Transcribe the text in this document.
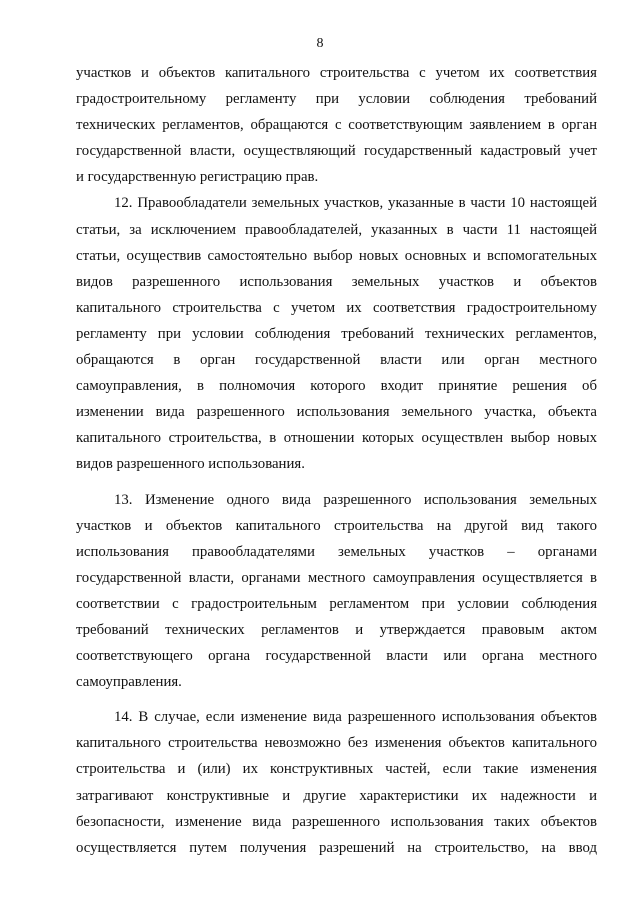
8
участков и объектов капитального строительства с учетом их соответствия
градостроительному регламенту при условии соблюдения требований
технических регламентов, обращаются с соответствующим заявлением в орган
государственной власти, осуществляющий государственный кадастровый учет
и государственную регистрацию прав.
12. Правообладатели земельных участков, указанные в части 10 настоящей
статьи, за исключением правообладателей, указанных в части 11 настоящей
статьи, осуществив самостоятельно выбор новых основных и вспомогательных
видов разрешенного использования земельных участков и объектов
капитального строительства с учетом их соответствия градостроительному
регламенту при условии соблюдения требований технических регламентов,
обращаются в орган государственной власти или орган местного
самоуправления, в полномочия которого входит принятие решения об
изменении вида разрешенного использования земельного участка, объекта
капитального строительства, в отношении которых осуществлен выбор новых
видов разрешенного использования.
13. Изменение одного вида разрешенного использования земельных
участков и объектов капитального строительства на другой вид такого
использования правообладателями земельных участков – органами
государственной власти, органами местного самоуправления осуществляется в
соответствии с градостроительным регламентом при условии соблюдения
требований технических регламентов и утверждается правовым актом
соответствующего органа государственной власти или органа местного
самоуправления.
14. В случае, если изменение вида разрешенного использования объектов
капитального строительства невозможно без изменения объектов капитального
строительства и (или) их конструктивных частей, если такие изменения
затрагивают конструктивные и другие характеристики их надежности и
безопасности, изменение вида разрешенного использования таких объектов
осуществляется путем получения разрешений на строительство, на ввод
